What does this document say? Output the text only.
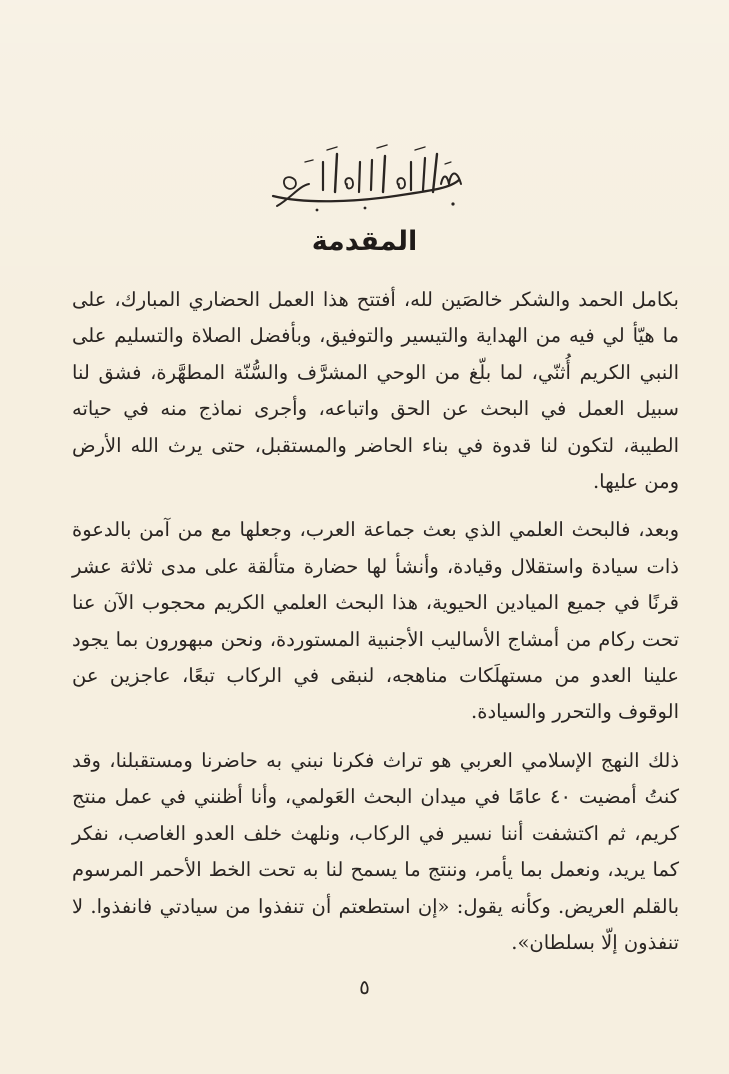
المقدمة

بكامل الحمد والشكر خالصَين لله، أفتتح هذا العمل الحضاري المبارك، على ما هيّأ لي فيه من الهداية والتيسير والتوفيق، وبأفضل الصلاة والتسليم على النبي الكريم أُثنّي، لما بلّغ من الوحي المشرَّف والسُّنّة المطهَّرة، فشق لنا سبيل العمل في البحث عن الحق واتباعه، وأجرى نماذج منه في حياته الطيبة، لتكون لنا قدوة في بناء الحاضر والمستقبل، حتى يرث الله الأرض ومن عليها.

وبعد، فالبحث العلمي الذي بعث جماعة العرب، وجعلها مع من آمن بالدعوة ذات سيادة واستقلال وقيادة، وأنشأ لها حضارة متألقة على مدى ثلاثة عشر قرنًا في جميع الميادين الحيوية، هذا البحث العلمي الكريم محجوب الآن عنا تحت ركام من أمشاج الأساليب الأجنبية المستوردة، ونحن مبهورون بما يجود علينا العدو من مستهلَكات مناهجه، لنبقى في الركاب تبعًا، عاجزين عن الوقوف والتحرر والسيادة.

ذلك النهج الإسلامي العربي هو تراث فكرنا نبني به حاضرنا ومستقبلنا، وقد كنتُ أمضيت ٤٠ عامًا في ميدان البحث العَولمي، وأنا أظنني في عمل منتج كريم، ثم اكتشفت أننا نسير في الركاب، ونلهث خلف العدو الغاصب، نفكر كما يريد، ونعمل بما يأمر، وننتج ما يسمح لنا به تحت الخط الأحمر المرسوم بالقلم العريض. وكأنه يقول: «إن استطعتم أن تنفذوا من سيادتي فانفذوا. لا تنفذون إلّا بسلطان».

٥
